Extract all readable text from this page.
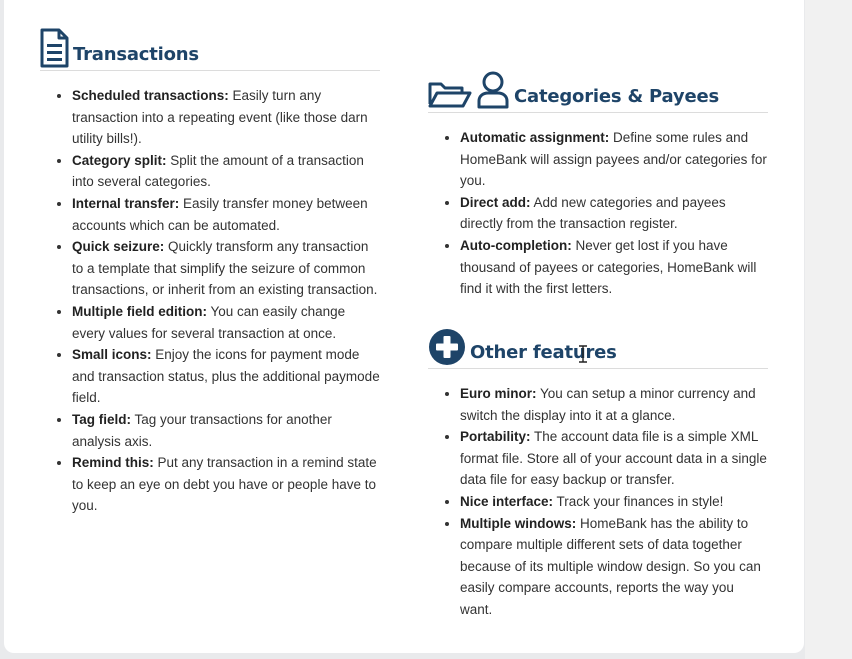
Transactions
• Scheduled transactions: Easily turn any transaction into a repeating event (like those darn utility bills!).
• Category split: Split the amount of a transaction into several categories.
• Internal transfer: Easily transfer money between accounts which can be automated.
• Quick seizure: Quickly transform any transaction to a template that simplify the seizure of common transactions, or inherit from an existing transaction.
• Multiple field edition: You can easily change every values for several transaction at once.
• Small icons: Enjoy the icons for payment mode and transaction status, plus the additional paymode field.
• Tag field: Tag your transactions for another analysis axis.
• Remind this: Put any transaction in a remind state to keep an eye on debt you have or people have to you.
Categories & Payees
• Automatic assignment: Define some rules and HomeBank will assign payees and/or categories for you.
• Direct add: Add new categories and payees directly from the transaction register.
• Auto-completion: Never get lost if you have thousand of payees or categories, HomeBank will find it with the first letters.
Other features
• Euro minor: You can setup a minor currency and switch the display into it at a glance.
• Portability: The account data file is a simple XML format file. Store all of your account data in a single data file for easy backup or transfer.
• Nice interface: Track your finances in style!
• Multiple windows: HomeBank has the ability to compare multiple different sets of data together because of its multiple window design. So you can easily compare accounts, reports the way you want.
